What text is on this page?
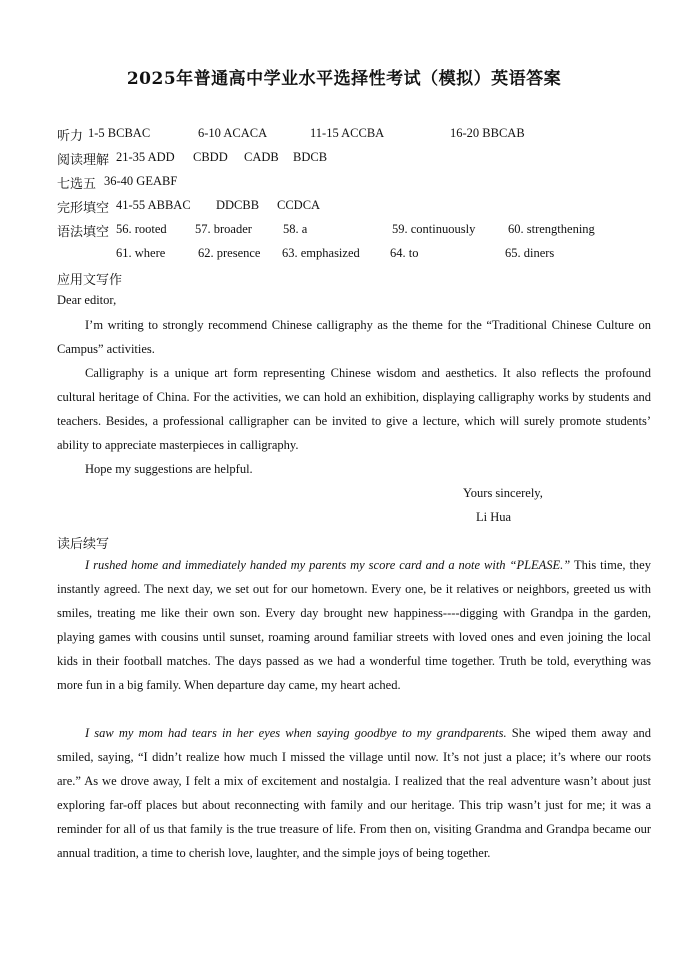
2025年普通高中学业水平选择性考试（模拟）英语答案
听力 1-5 BCBAC	6-10 ACACA	11-15 ACCBA	16-20 BBCAB
阅读理解 21-35 ADD CBDD CADB BDCB
七选五 36-40 GEABF
完形填空 41-55 ABBAC DDCBB CCDCA
语法填空 56. rooted 57. broader 58. a	59. continuously	60. strengthening
61. where	62. presence 63. emphasized 64. to	65. diners
应用文写作
Dear editor,

I’m writing to strongly recommend Chinese calligraphy as the theme for the “Traditional Chinese Culture on Campus” activities.

Calligraphy is a unique art form representing Chinese wisdom and aesthetics. It also reflects the profound cultural heritage of China. For the activities, we can hold an exhibition, displaying calligraphy works by students and teachers. Besides, a professional calligrapher can be invited to give a lecture, which will surely promote students’ ability to appreciate masterpieces in calligraphy.

Hope my suggestions are helpful.

Yours sincerely,
Li Hua
读后续写

I rushed home and immediately handed my parents my score card and a note with “PLEASE.” This time, they instantly agreed. The next day, we set out for our hometown. Every one, be it relatives or neighbors, greeted us with smiles, treating me like their own son. Every day brought new happiness----digging with Grandpa in the garden, playing games with cousins until sunset, roaming around familiar streets with loved ones and even joining the local kids in their football matches. The days passed as we had a wonderful time together. Truth be told, everything was more fun in a big family. When departure day came, my heart ached.

I saw my mom had tears in her eyes when saying goodbye to my grandparents. She wiped them away and smiled, saying, “I didn’t realize how much I missed the village until now. It’s not just a place; it’s where our roots are.” As we drove away, I felt a mix of excitement and nostalgia. I realized that the real adventure wasn’t about just exploring far-off places but about reconnecting with family and our heritage. This trip wasn’t just for me; it was a reminder for all of us that family is the true treasure of life. From then on, visiting Grandma and Grandpa became our annual tradition, a time to cherish love, laughter, and the simple joys of being together.
